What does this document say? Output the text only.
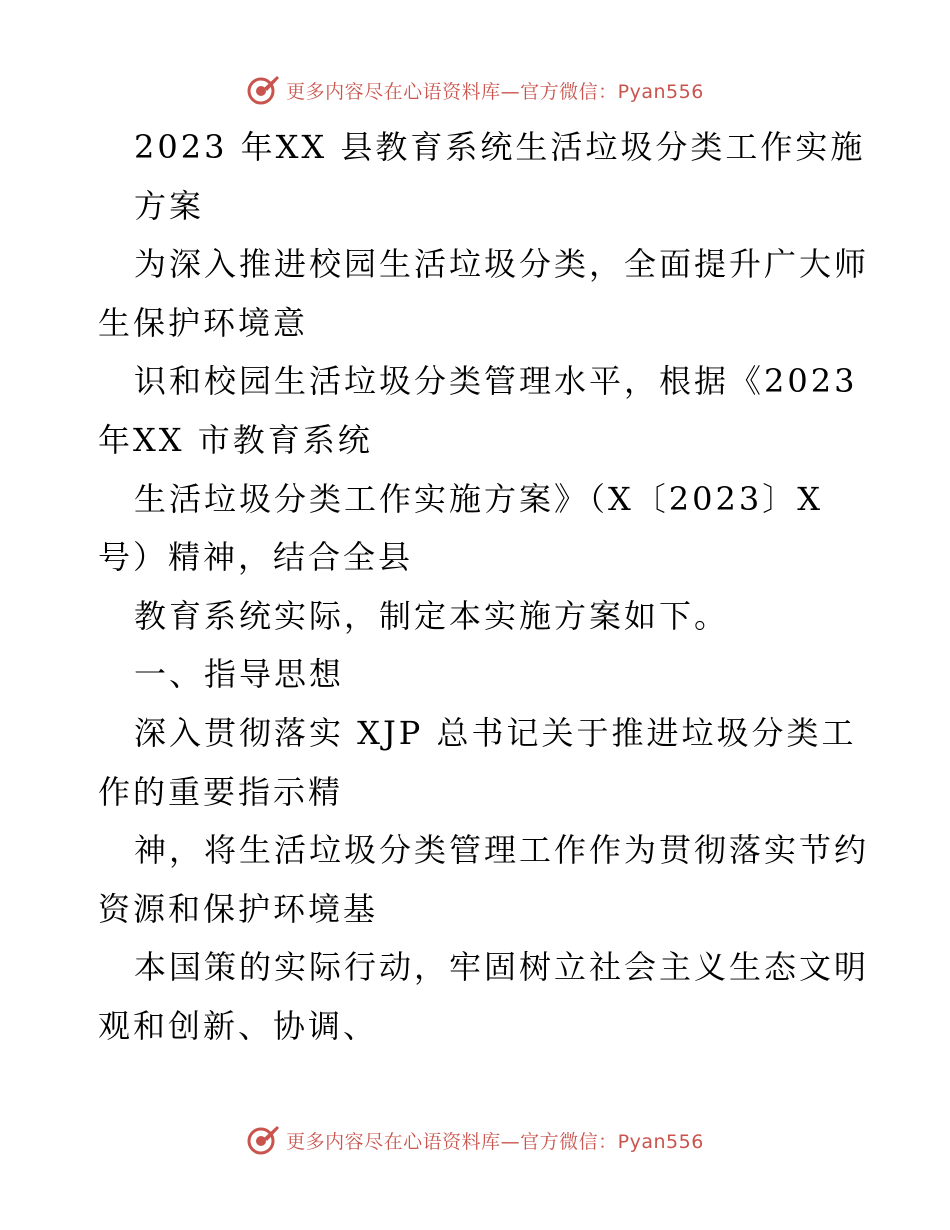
更多内容尽在心语资料库—官方微信：Pyan556
2023 年XX 县教育系统生活垃圾分类工作实施
方案
为深入推进校园生活垃圾分类，全面提升广大师
生保护环境意
识和校园生活垃圾分类管理水平，根据《2023
年XX 市教育系统
生活垃圾分类工作实施方案》（X〔2023〕X
号）精神，结合全县
教育系统实际，制定本实施方案如下。
一、指导思想
深入贯彻落实 XJP 总书记关于推进垃圾分类工
作的重要指示精
神，将生活垃圾分类管理工作作为贯彻落实节约
资源和保护环境基
本国策的实际行动，牢固树立社会主义生态文明
观和创新、协调、
更多内容尽在心语资料库—官方微信：Pyan556
